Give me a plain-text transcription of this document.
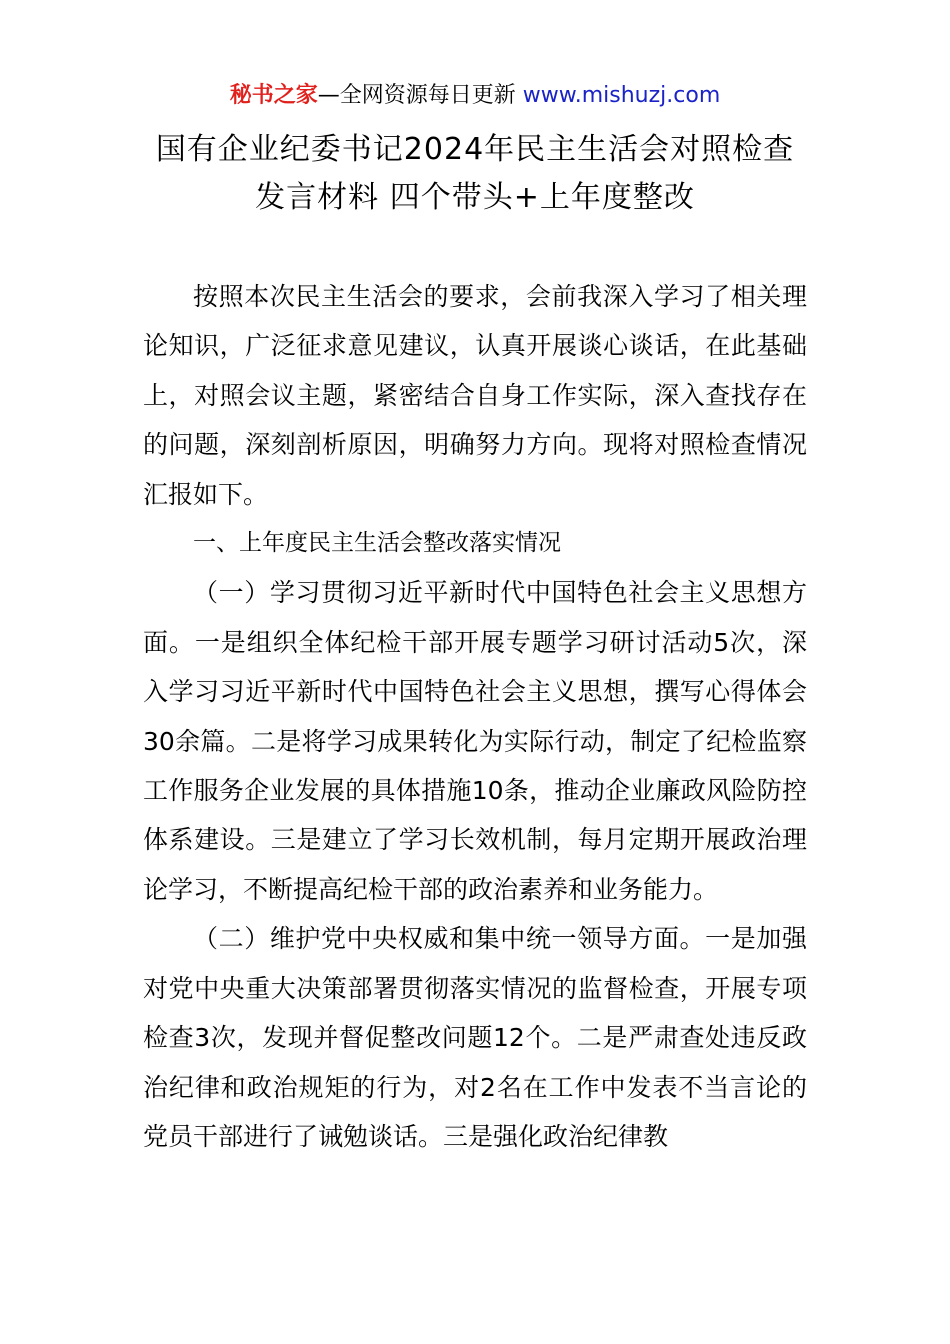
秘书之家—全网资源每日更新 www.mishuzj.com
国有企业纪委书记2024年民主生活会对照检查
发言材料 四个带头+上年度整改

按照本次民主生活会的要求，会前我深入学习了相关理论知识，广泛征求意见建议，认真开展谈心谈话，在此基础上，对照会议主题，紧密结合自身工作实际，深入查找存在的问题，深刻剖析原因，明确努力方向。现将对照检查情况汇报如下。

一、上年度民主生活会整改落实情况

（一）学习贯彻习近平新时代中国特色社会主义思想方面。一是组织全体纪检干部开展专题学习研讨活动5次，深入学习习近平新时代中国特色社会主义思想，撰写心得体会30余篇。二是将学习成果转化为实际行动，制定了纪检监察工作服务企业发展的具体措施10条，推动企业廉政风险防控体系建设。三是建立了学习长效机制，每月定期开展政治理论学习，不断提高纪检干部的政治素养和业务能力。

（二）维护党中央权威和集中统一领导方面。一是加强对党中央重大决策部署贯彻落实情况的监督检查，开展专项检查3次，发现并督促整改问题12个。二是严肃查处违反政治纪律和政治规矩的行为，对2名在工作中发表不当言论的党员干部进行了诫勉谈话。三是强化政治纪律教
